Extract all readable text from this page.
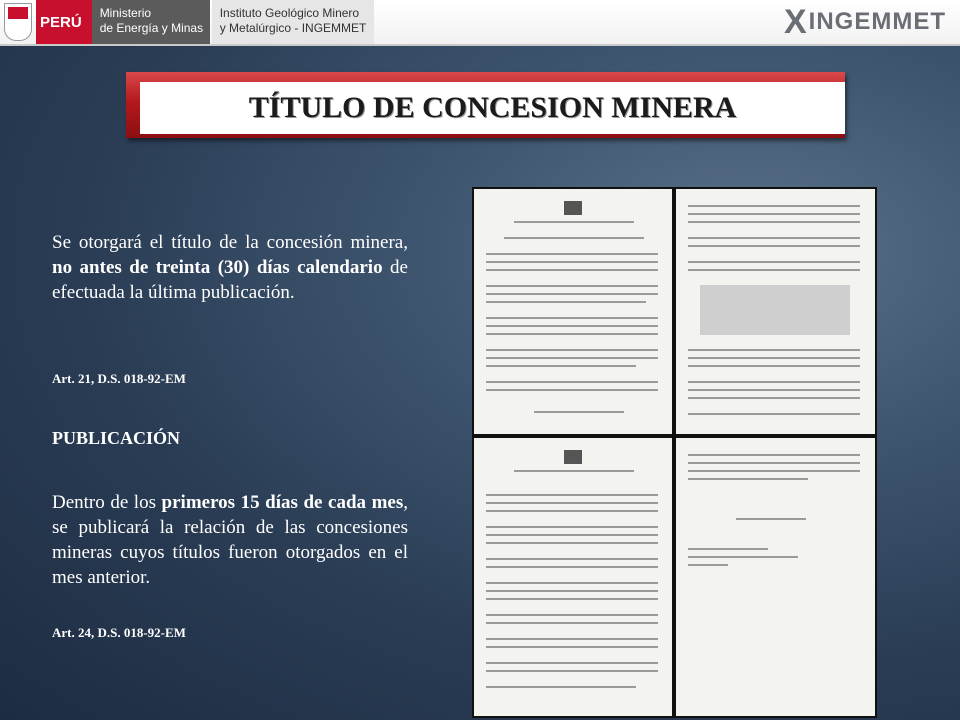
PERÚ
Ministerio
de Energía y Minas
Instituto Geológico Minero
y Metalúrgico - INGEMMET	X INGEMMET
TÍTULO DE CONCESION MINERA

Se otorgará el título de la concesión minera, no antes de treinta (30) días calendario de efectuada la última publicación.

Art. 21, D.S. 018-92-EM
PUBLICACIÓN

Dentro de los primeros 15 días de cada mes, se publicará la relación de las concesiones mineras cuyos títulos fueron otorgados en el mes anterior.

Art. 24, D.S. 018-92-EM
